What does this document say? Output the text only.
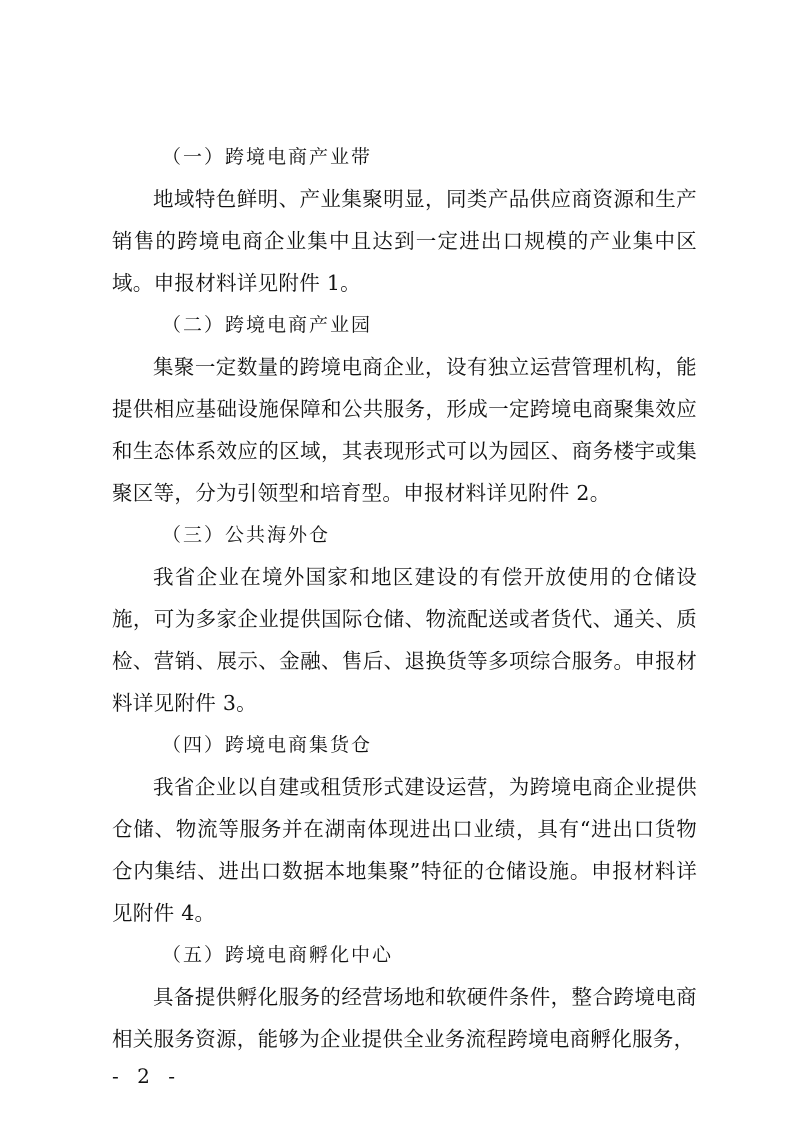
（一）跨境电商产业带

地域特色鲜明、产业集聚明显，同类产品供应商资源和生产销售的跨境电商企业集中且达到一定进出口规模的产业集中区域。申报材料详见附件 1。

（二）跨境电商产业园

集聚一定数量的跨境电商企业，设有独立运营管理机构，能提供相应基础设施保障和公共服务，形成一定跨境电商聚集效应和生态体系效应的区域，其表现形式可以为园区、商务楼宇或集聚区等，分为引领型和培育型。申报材料详见附件 2。

（三）公共海外仓

我省企业在境外国家和地区建设的有偿开放使用的仓储设施，可为多家企业提供国际仓储、物流配送或者货代、通关、质检、营销、展示、金融、售后、退换货等多项综合服务。申报材料详见附件 3。

（四）跨境电商集货仓

我省企业以自建或租赁形式建设运营，为跨境电商企业提供仓储、物流等服务并在湖南体现进出口业绩，具有“进出口货物仓内集结、进出口数据本地集聚”特征的仓储设施。申报材料详见附件 4。

（五）跨境电商孵化中心

具备提供孵化服务的经营场地和软硬件条件，整合跨境电商相关服务资源，能够为企业提供全业务流程跨境电商孵化服务，

- 2 -
